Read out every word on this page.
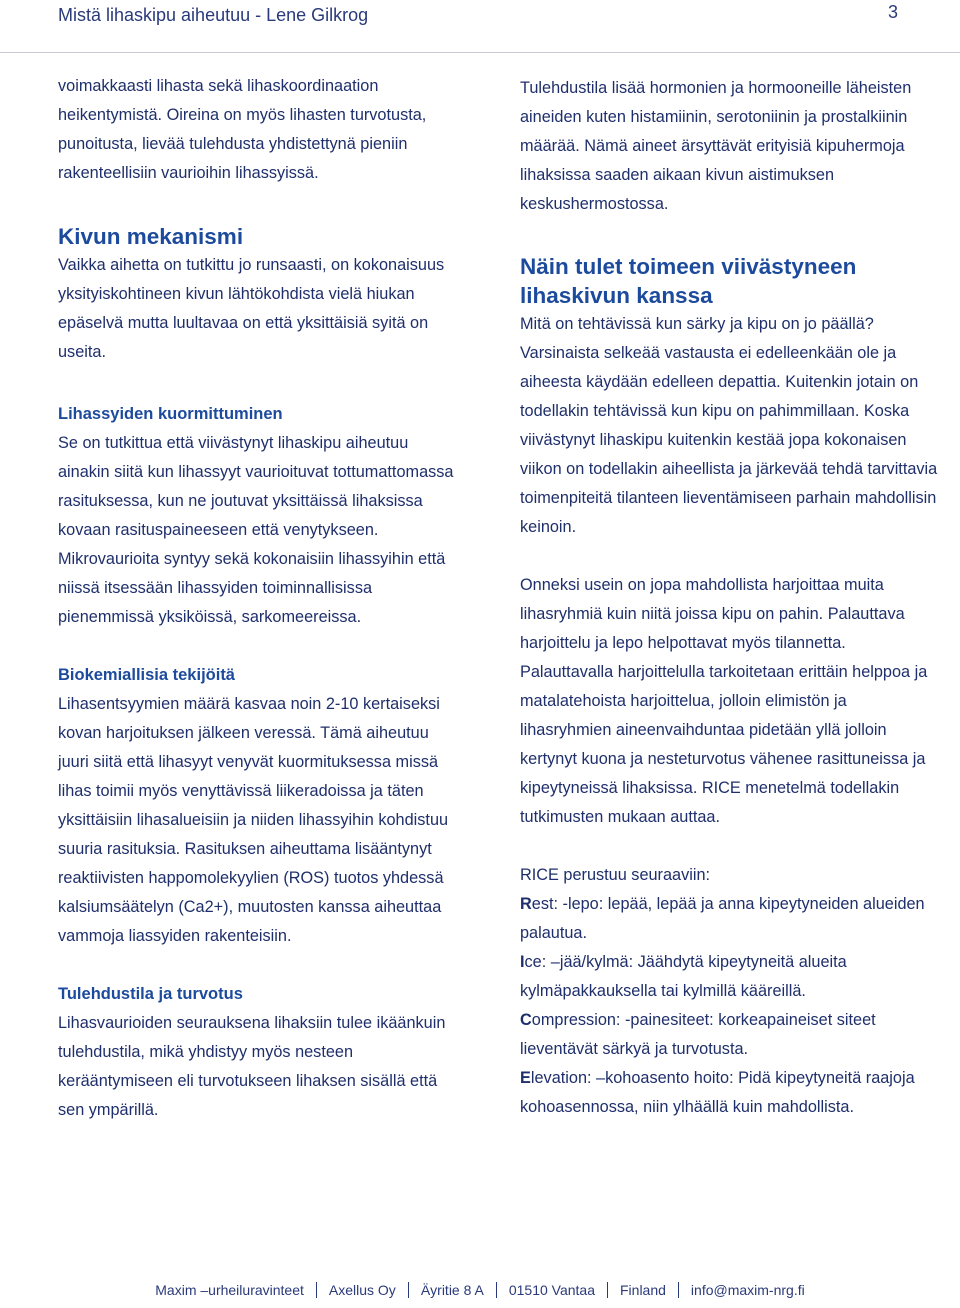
Mistä lihaskipu aiheutuu - Lene Gilkrog	3

voimakkaasti lihasta sekä lihaskoordinaation heikentymistä. Oireina on myös lihasten turvotusta, punoitusta, lievää tulehdusta yhdistettynä pieniin rakenteellisiin vaurioihin lihassyissä.

Kivun mekanismi

Vaikka aihetta on tutkittu jo runsaasti, on kokonaisuus yksityiskohtineen kivun lähtökohdista vielä hiukan epäselvä mutta luultavaa on että yksittäisiä syitä on useita.

Lihassyiden kuormittuminen

Se on tutkittua että viivästynyt lihaskipu aiheutuu ainakin siitä kun lihassyyt vaurioituvat tottumattomassa rasituksessa, kun ne joutuvat yksittäissä lihaksissa kovaan rasituspaineeseen että venytykseen. Mikrovaurioita syntyy sekä kokonaisiin lihassyihin että niissä itsessään lihassyiden toiminnallisissa pienemmissä yksiköissä, sarkomeereissa.

Biokemiallisia tekijöitä

Lihasentsyymien määrä kasvaa noin 2-10 kertaiseksi kovan harjoituksen jälkeen veressä. Tämä aiheutuu juuri siitä että lihasyyt venyvät kuormituksessa missä lihas toimii myös venyttävissä liikeradoissa ja täten yksittäisiin lihasalueisiin ja niiden lihassyihin kohdistuu suuria rasituksia. Rasituksen aiheuttama lisääntynyt reaktiivisten happomolekyylien (ROS) tuotos yhdessä kalsiumsäätelyn (Ca2+), muutosten kanssa aiheuttaa vammoja liassyiden rakenteisiin.

Tulehdustila ja turvotus

Lihasvaurioiden seurauksena lihaksiin tulee ikäänkuin tulehdustila, mikä yhdistyy myös nesteen kerääntymiseen eli turvotukseen lihaksen sisällä että sen ympärillä.

Tulehdustila lisää hormonien ja hormooneille läheisten aineiden kuten histamiinin, serotoniinin ja prostalkiinin määrää. Nämä aineet ärsyttävät erityisiä kipuhermoja lihaksissa saaden aikaan kivun aistimuksen keskushermostossa.

Näin tulet toimeen viivästyneen lihaskivun kanssa

Mitä on tehtävissä kun särky ja kipu on jo päällä? Varsinaista selkeää vastausta ei edelleenkään ole ja aiheesta käydään edelleen depattia. Kuitenkin jotain on todellakin tehtävissä kun kipu on pahimmillaan. Koska viivästynyt lihaskipu kuitenkin kestää jopa kokonaisen viikon on todellakin aiheellista ja järkevää tehdä tarvittavia toimenpiteitä tilanteen lieventämiseen parhain mahdollisin keinoin.

Onneksi usein on jopa mahdollista harjoittaa muita lihasryhmiä kuin niitä joissa kipu on pahin. Palauttava harjoittelu ja lepo helpottavat myös tilannetta. Palauttavalla harjoittelulla tarkoitetaan erittäin helppoa ja matalatehoista harjoittelua, jolloin elimistön ja lihasryhmien aineenvaihduntaa pidetään yllä jolloin kertynyt kuona ja nesteturvotus vähenee rasittuneissa ja kipeytyneissä lihaksissa. RICE menetelmä todellakin tutkimusten mukaan auttaa.

RICE perustuu seuraaviin:

Rest: -lepo: lepää, lepää ja anna kipeytyneiden alueiden palautua.

Ice: –jää/kylmä: Jäähdytä kipeytyneitä alueita kylmäpakkauksella tai kylmillä kääreillä.

Compression: -painesiteet: korkeapaineiset siteet lieventävät särkyä ja turvotusta.

Elevation: –kohoasento hoito: Pidä kipeytyneitä raajoja kohoasennossa, niin ylhäällä kuin mahdollista.

Maxim –urheiluravinteet Axellus Oy Äyritie 8 A 01510 Vantaa Finland info@maxim-nrg.fi
